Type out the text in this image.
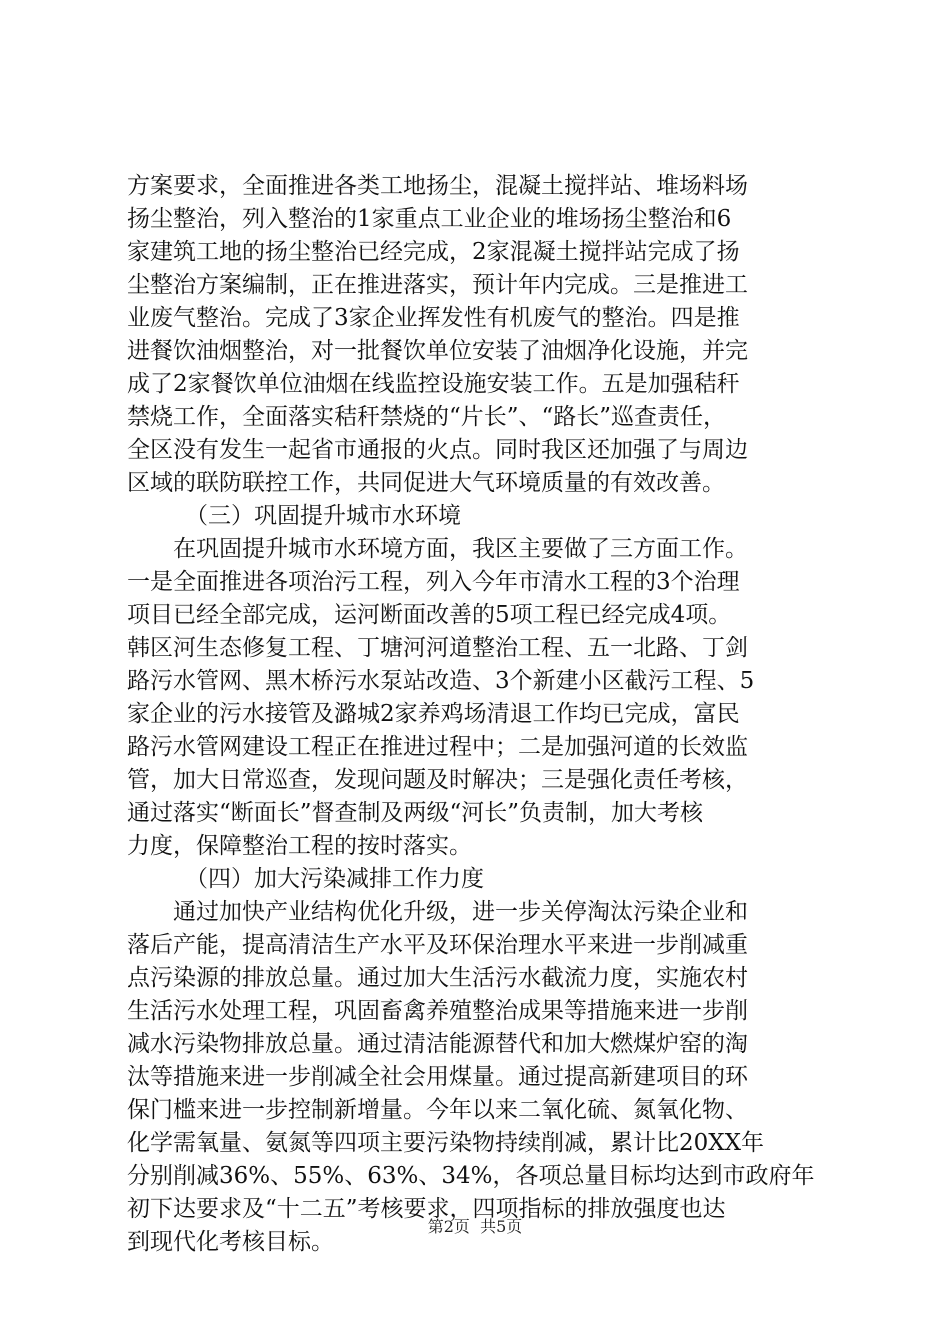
方案要求，全面推进各类工地扬尘，混凝土搅拌站、堆场料场
扬尘整治，列入整治的1家重点工业企业的堆场扬尘整治和6
家建筑工地的扬尘整治已经完成，2家混凝土搅拌站完成了扬
尘整治方案编制，正在推进落实，预计年内完成。三是推进工
业废气整治。完成了3家企业挥发性有机废气的整治。四是推
进餐饮油烟整治，对一批餐饮单位安装了油烟净化设施，并完
成了2家餐饮单位油烟在线监控设施安装工作。五是加强秸秆
禁烧工作，全面落实秸秆禁烧的“片长”、“路长”巡查责任，
全区没有发生一起省市通报的火点。同时我区还加强了与周边
区域的联防联控工作，共同促进大气环境质量的有效改善。
（三）巩固提升城市水环境
在巩固提升城市水环境方面，我区主要做了三方面工作。
一是全面推进各项治污工程，列入今年市清水工程的3个治理
项目已经全部完成，运河断面改善的5项工程已经完成4项。
韩区河生态修复工程、丁塘河河道整治工程、五一北路、丁剑
路污水管网、黑木桥污水泵站改造、3个新建小区截污工程、5
家企业的污水接管及潞城2家养鸡场清退工作均已完成，富民
路污水管网建设工程正在推进过程中；二是加强河道的长效监
管，加大日常巡查，发现问题及时解决；三是强化责任考核，
通过落实“断面长”督查制及两级“河长”负责制，加大考核
力度，保障整治工程的按时落实。
（四）加大污染减排工作力度
通过加快产业结构优化升级，进一步关停淘汰污染企业和
落后产能，提高清洁生产水平及环保治理水平来进一步削减重
点污染源的排放总量。通过加大生活污水截流力度，实施农村
生活污水处理工程，巩固畜禽养殖整治成果等措施来进一步削
减水污染物排放总量。通过清洁能源替代和加大燃煤炉窑的淘
汰等措施来进一步削减全社会用煤量。通过提高新建项目的环
保门槛来进一步控制新增量。今年以来二氧化硫、氮氧化物、
化学需氧量、氨氮等四项主要污染物持续削减，累计比20XX年
分别削减36%、55%、63%、34%，各项总量目标均达到市政府年
初下达要求及“十二五”考核要求，四项指标的排放强度也达
到现代化考核目标。
第2页  共5页
